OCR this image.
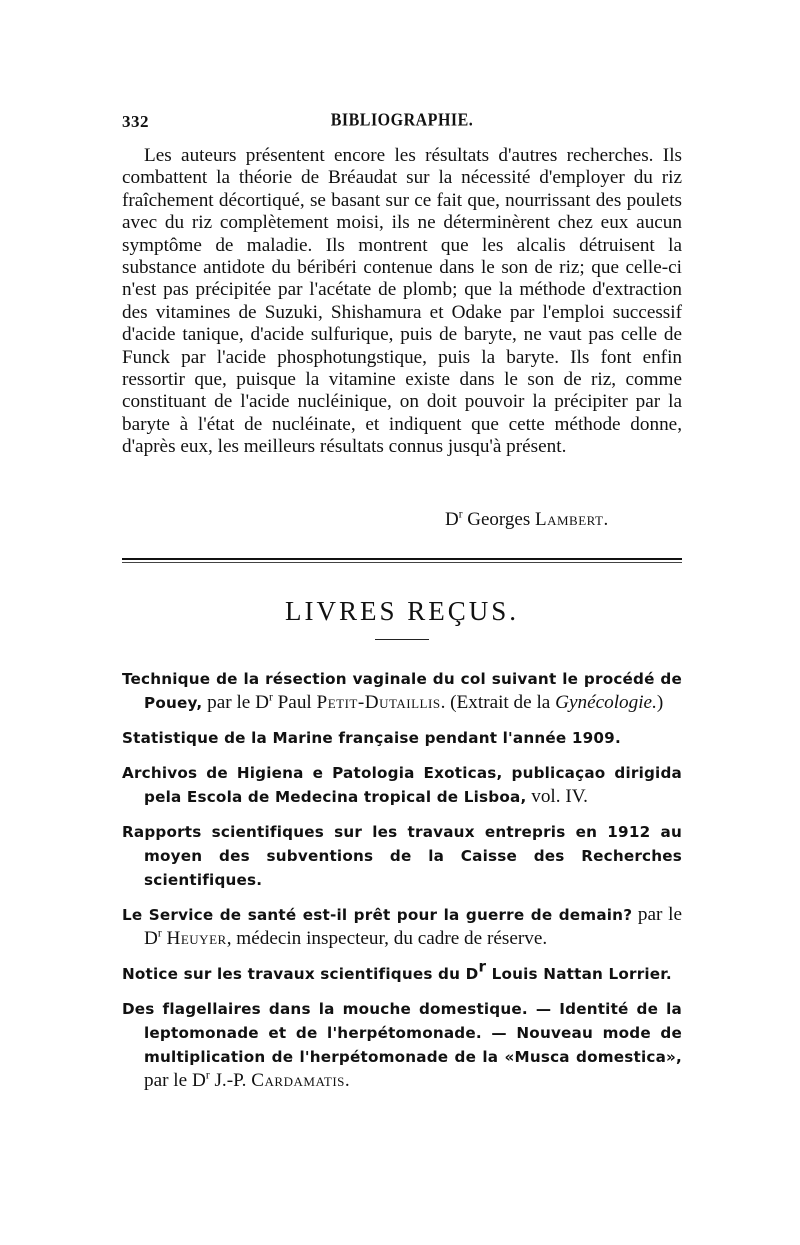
332	BIBLIOGRAPHIE.
Les auteurs présentent encore les résultats d'autres recherches. Ils combattent la théorie de Bréaudat sur la nécessité d'employer du riz fraîchement décortiqué, se basant sur ce fait que, nourrissant des poulets avec du riz complètement moisi, ils ne déterminèrent chez eux aucun symptôme de maladie. Ils montrent que les alcalis détruisent la substance antidote du béribéri contenue dans le son de riz; que celle-ci n'est pas précipitée par l'acétate de plomb; que la méthode d'extraction des vitamines de Suzuki, Shishamura et Odake par l'emploi successif d'acide tanique, d'acide sulfurique, puis de baryte, ne vaut pas celle de Funck par l'acide phosphotungstique, puis la baryte. Ils font enfin ressortir que, puisque la vitamine existe dans le son de riz, comme constituant de l'acide nucléinique, on doit pouvoir la précipiter par la baryte à l'état de nucléinate, et indiquent que cette méthode donne, d'après eux, les meilleurs résultats connus jusqu'à présent.
$D^r$ Georges Lambert.
LIVRES REÇUS.
Technique de la résection vaginale du col suivant le procédé de Pouey, par le $D^r$ Paul Petit-Dutaillis. (Extrait de la Gynécologie.)
Statistique de la Marine française pendant l'année 1909.
Archivos de Higiena e Patologia Exoticas, publicaçao dirigida pela Escola de Medecina tropical de Lisboa, vol. IV.
Rapports scientifiques sur les travaux entrepris en 1912 au moyen des subventions de la Caisse des Recherches scientifiques.
Le Service de santé est-il prêt pour la guerre de demain? par le $D^r$ Heuyer, médecin inspecteur, du cadre de réserve.
Notice sur les travaux scientifiques du $D^r$ Louis Nattan Lorrier.
Des flagellaires dans la mouche domestique. — Identité de la leptomonade et de l'herpétomonade. — Nouveau mode de multiplication de l'herpétomonade de la «Musca domestica», par le $D^r$ J.-P. Cardamatis.
